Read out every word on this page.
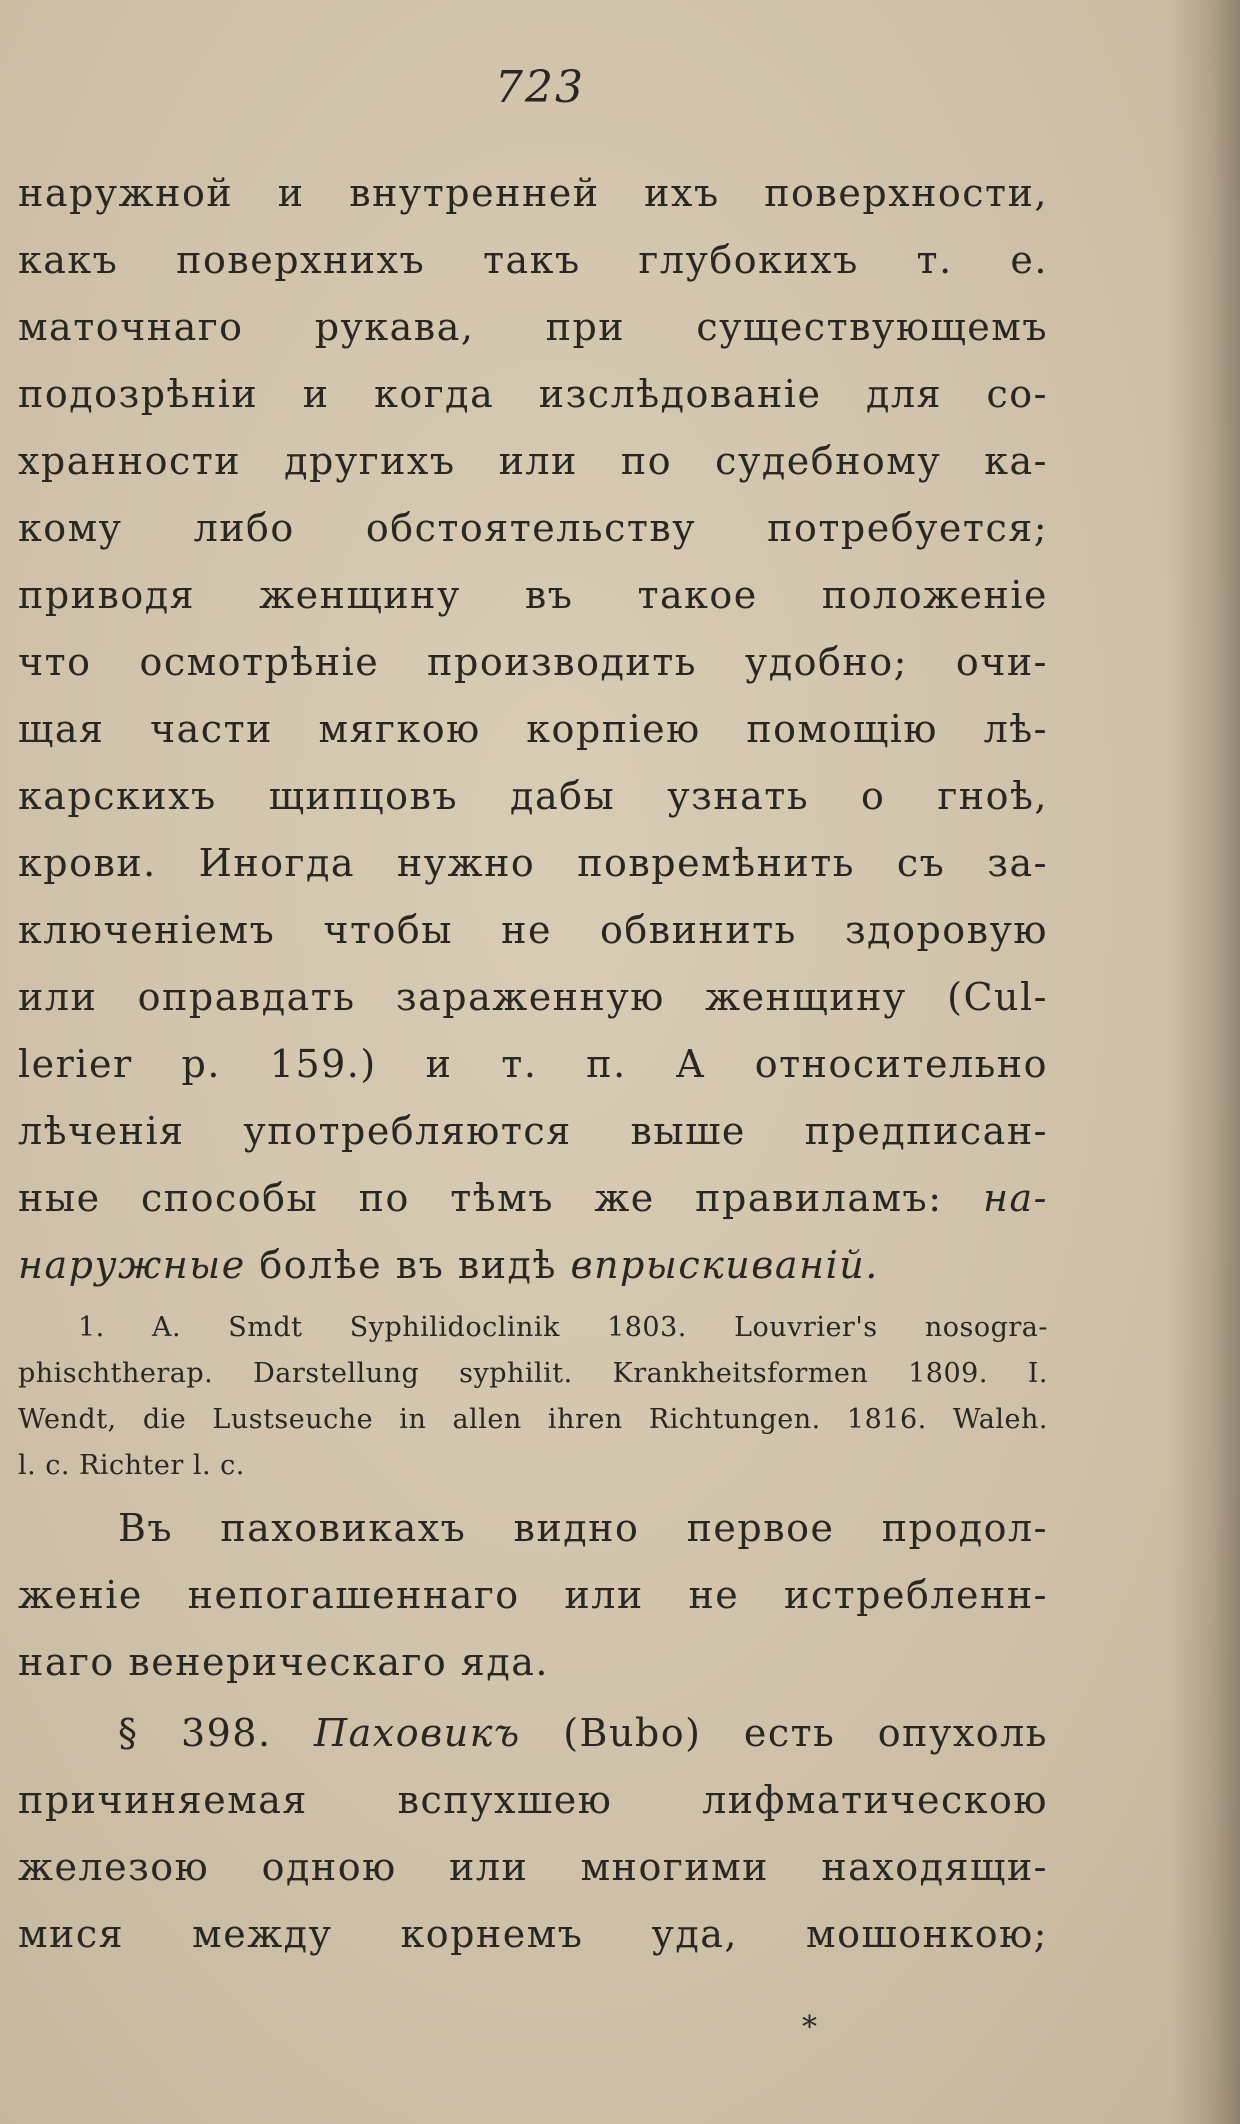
723
наружной и внутренней ихъ поверхности,
какъ поверхнихъ такъ глубокихъ т. е.
маточнаго рукава, при существующемъ
подозрѣніи и когда изслѣдованіе для со-
хранности другихъ или по судебному ка-
кому либо обстоятельству потребуется;
приводя женщину въ такое положеніе
что осмотрѣніе производить удобно; очи-
щая части мягкою корпіею помощію лѣ-
карскихъ щипцовъ дабы узнать о гноѣ,
крови. Иногда нужно повремѣнить съ за-
ключеніемъ чтобы не обвинить здоровую
или оправдать зараженную женщину (Cul-
lerier p. 159.) и т. п. А относительно
лѣченія употребляются выше предписан-
ные способы по тѣмъ же правиламъ: на-
наружные болѣе въ видѣ впрыскиваній.
1. A. Smdt Syphilidoclinik 1803. Louvrier's nosogra-
phischtherap. Darstellung syphilit. Krankheitsformen 1809. I.
Wendt, die Lustseuche in allen ihren Richtungen. 1816. Waleh.
l. c. Richter l. c.
Въ паховикахъ видно первое продол-
женіе непогашеннаго или не истребленн-
наго венерическаго яда.
§ 398. Паховикъ (Bubo) есть опухоль
причиняемая вспухшею лифматическою
железою одною или многими находящи-
мися между корнемъ уда, мошонкою;
*
